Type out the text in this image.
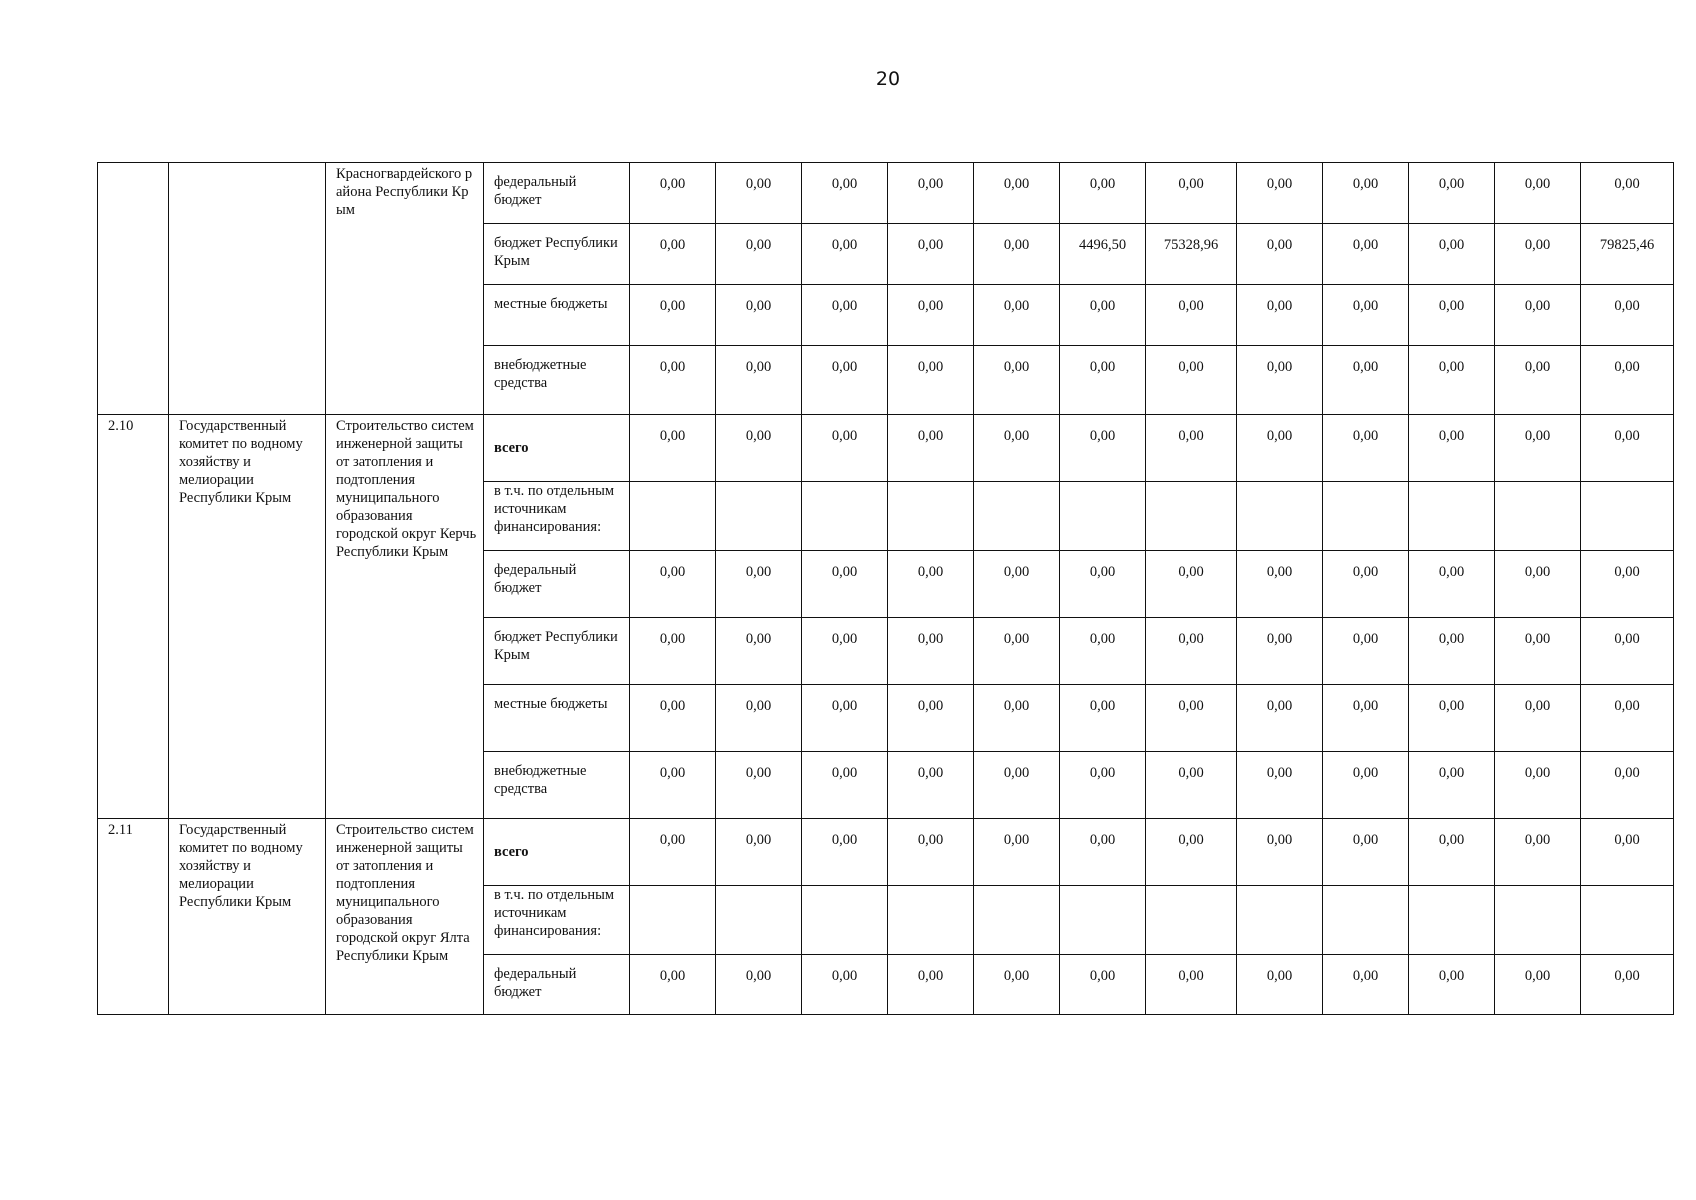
20
		Красногвардейского района Республики Крым	федеральный бюджет	0,00	0,00	0,00	0,00	0,00	0,00	0,00	0,00	0,00	0,00	0,00	0,00
			бюджет Республики Крым	0,00	0,00	0,00	0,00	0,00	4496,50	75328,96	0,00	0,00	0,00	0,00	79825,46
			местные бюджеты	0,00	0,00	0,00	0,00	0,00	0,00	0,00	0,00	0,00	0,00	0,00	0,00
			внебюджетные средства	0,00	0,00	0,00	0,00	0,00	0,00	0,00	0,00	0,00	0,00	0,00	0,00
2.10	Государственный комитет по водному хозяйству и мелиорации Республики Крым	Строительство систем инженерной защиты от затопления и подтопления муниципального образования городской округ Керчь Республики Крым	всего	0,00	0,00	0,00	0,00	0,00	0,00	0,00	0,00	0,00	0,00	0,00	0,00
			в т.ч. по отдельным источникам финансирования:												
			федеральный бюджет	0,00	0,00	0,00	0,00	0,00	0,00	0,00	0,00	0,00	0,00	0,00	0,00
			бюджет Республики Крым	0,00	0,00	0,00	0,00	0,00	0,00	0,00	0,00	0,00	0,00	0,00	0,00
			местные бюджеты	0,00	0,00	0,00	0,00	0,00	0,00	0,00	0,00	0,00	0,00	0,00	0,00
			внебюджетные средства	0,00	0,00	0,00	0,00	0,00	0,00	0,00	0,00	0,00	0,00	0,00	0,00
2.11	Государственный комитет по водному хозяйству и мелиорации Республики Крым	Строительство систем инженерной защиты от затопления и подтопления муниципального образования городской округ Ялта Республики Крым	всего	0,00	0,00	0,00	0,00	0,00	0,00	0,00	0,00	0,00	0,00	0,00	0,00
			в т.ч. по отдельным источникам финансирования:												
			федеральный бюджет	0,00	0,00	0,00	0,00	0,00	0,00	0,00	0,00	0,00	0,00	0,00	0,00
